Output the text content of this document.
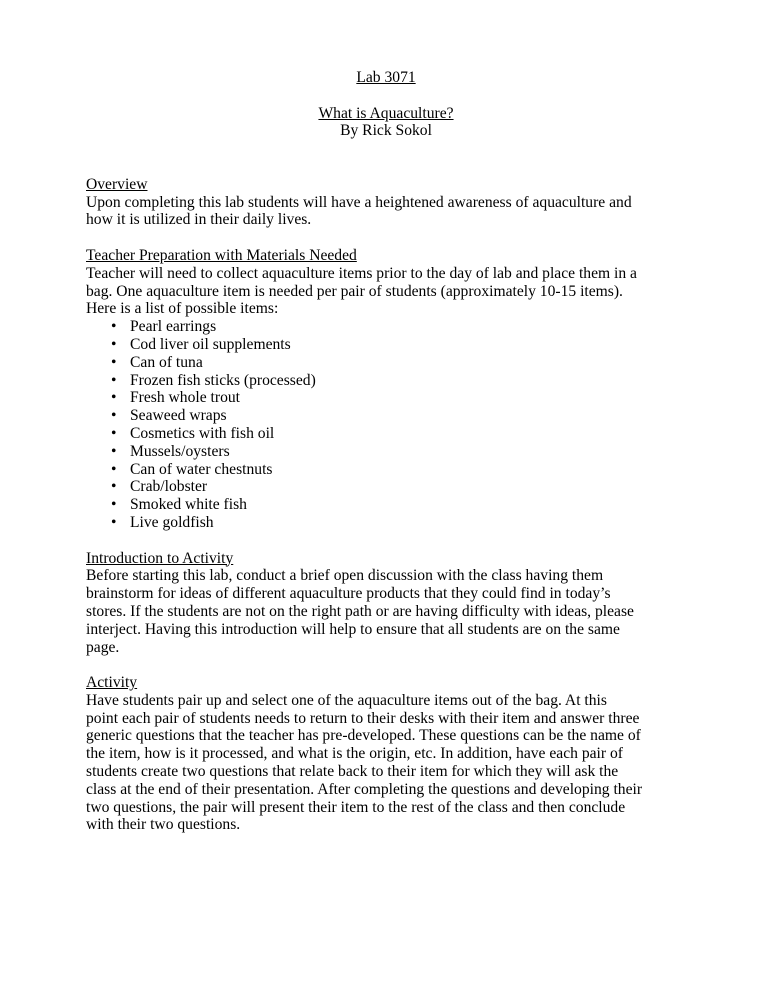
Lab 3071

What is Aquaculture?

By Rick Sokol

Overview

Upon completing this lab students will have a heightened awareness of aquaculture and

how it is utilized in their daily lives.

Teacher Preparation with Materials Needed

Teacher will need to collect aquaculture items prior to the day of lab and place them in a

bag. One aquaculture item is needed per pair of students (approximately 10-15 items).

Here is a list of possible items:

• Pearl earrings
• Cod liver oil supplements
• Can of tuna
• Frozen fish sticks (processed)
• Fresh whole trout
• Seaweed wraps
• Cosmetics with fish oil
• Mussels/oysters
• Can of water chestnuts
• Crab/lobster
• Smoked white fish
• Live goldfish

Introduction to Activity

Before starting this lab, conduct a brief open discussion with the class having them

brainstorm for ideas of different aquaculture products that they could find in today’s

stores. If the students are not on the right path or are having difficulty with ideas, please

interject. Having this introduction will help to ensure that all students are on the same

page.

Activity

Have students pair up and select one of the aquaculture items out of the bag. At this

point each pair of students needs to return to their desks with their item and answer three

generic questions that the teacher has pre-developed. These questions can be the name of

the item, how is it processed, and what is the origin, etc. In addition, have each pair of

students create two questions that relate back to their item for which they will ask the

class at the end of their presentation. After completing the questions and developing their

two questions, the pair will present their item to the rest of the class and then conclude

with their two questions.
